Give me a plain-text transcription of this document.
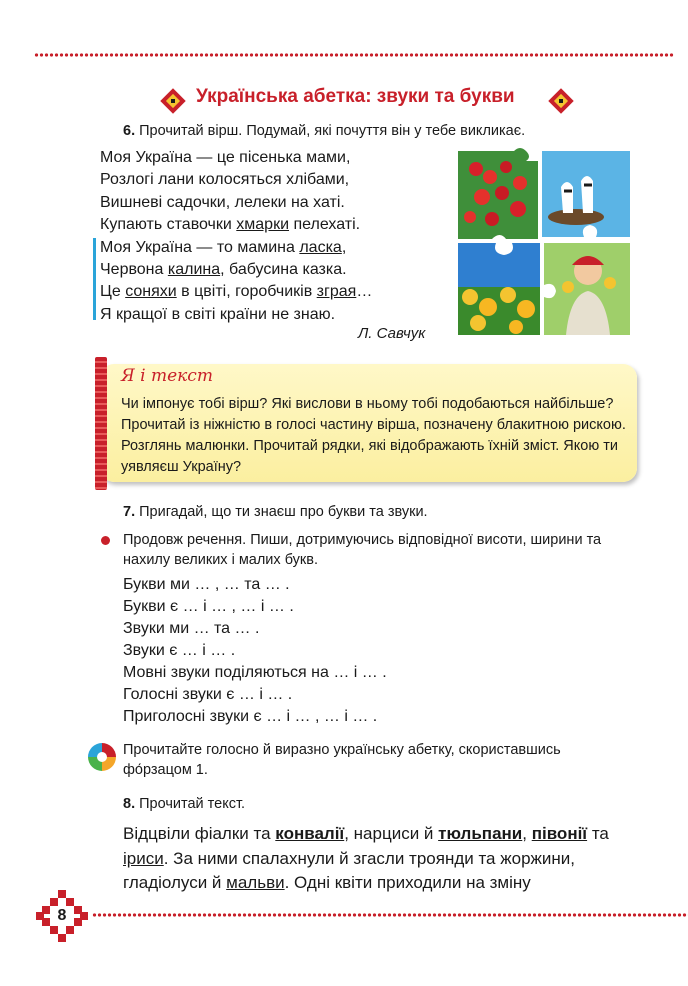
Українська абетка: звуки та букви
6. Прочитай вірш. Подумай, які почуття він у тебе викликає.
Моя Україна — це пісенька мами,
Розлогі лани колосяться хлібами,
Вишневі садочки, лелеки на хаті.
Купають ставочки хмарки пелехаті.
Моя Україна — то мамина ласка,
Червона калина, бабусина казка.
Це соняхи в цвіті, горобчиків зграя…
Я кращої в світі країни не знаю.
Л. Савчук
Я і текст
Чи імпонує тобі вірш? Які вислови в ньому тобі подобаються найбільше? Прочитай із ніжністю в голосі частину вірша, позначену блакитною рискою. Розглянь малюнки. Прочитай рядки, які відображають їхній зміст. Якою ти уявляєш Україну?
7. Пригадай, що ти знаєш про букви та звуки.
Продовж речення. Пиши, дотримуючись відповідної висоти, ширини та нахилу великих і малих букв.
Букви ми … , … та … .
Букви є … і … , … і … .
Звуки ми … та … .
Звуки є … і … .
Мовні звуки поділяються на … і … .
Голосні звуки є … і … .
Приголосні звуки є … і … , … і … .
Прочитайте голосно й виразно українську абетку, скориставшись фо́рзацом 1.
8. Прочитай текст.
Відцвіли фіалки та конвалії, нарциси й тюльпани, півонії та іриси. За ними спалахнули й згасли троянди та жоржини, гладіолуси й мальви. Одні квіти приходили на зміну
8
